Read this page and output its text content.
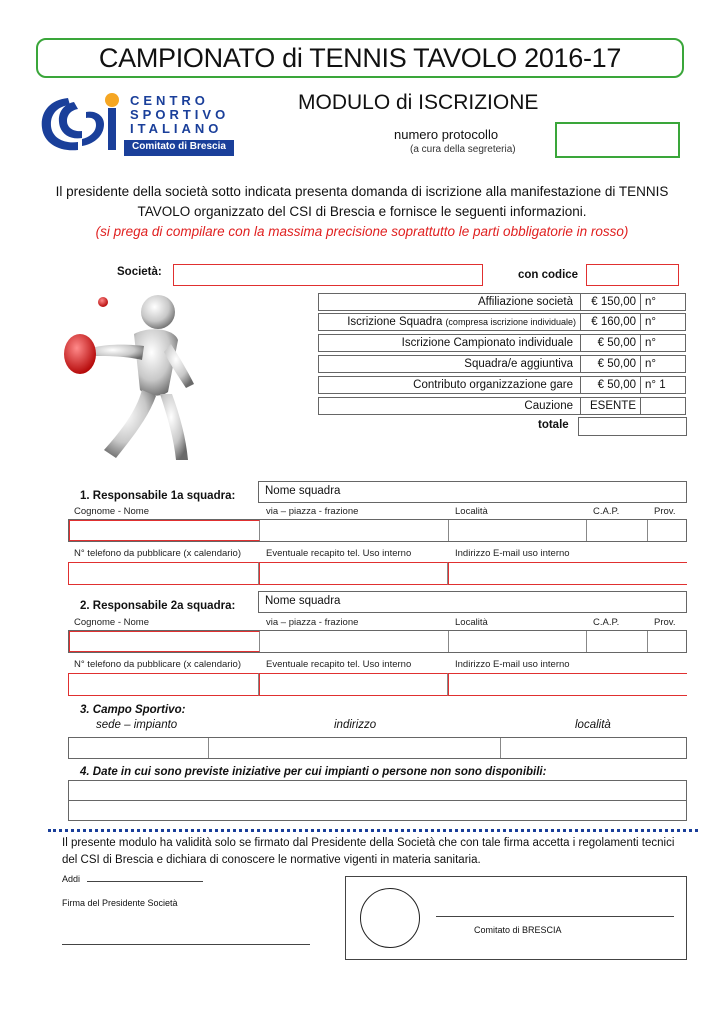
CAMPIONATO di TENNIS TAVOLO 2016-17
CENTRO
SPORTIVO
ITALIANO
Comitato di Brescia
MODULO di ISCRIZIONE
numero protocollo
(a cura della segreteria)
Il presidente della società sotto indicata presenta domanda di iscrizione alla manifestazione di TENNIS TAVOLO organizzato del CSI di Brescia e fornisce le seguenti informazioni.
(si prega di compilare con la massima precisione soprattutto le parti obbligatorie in rosso)
Società:	con codice
Affiliazione società	€ 150,00 n°
Iscrizione Squadra (compresa iscrizione individuale)	€ 160,00 n°
Iscrizione Campionato individuale	€ 50,00 n°
Squadra/e aggiuntiva	€ 50,00 n°
Contributo organizzazione gare	€ 50,00 n° 1
Cauzione	ESENTE
totale
1. Responsabile 1a squadra:	Nome squadra
Cognome - Nome	via – piazza - frazione	Località	C.A.P.	Prov.
N° telefono da pubblicare (x calendario)	Eventuale recapito tel. Uso interno	Indirizzo E-mail uso interno
2. Responsabile 2a squadra:	Nome squadra
Cognome - Nome	via – piazza - frazione	Località	C.A.P.	Prov.
N° telefono da pubblicare (x calendario)	Eventuale recapito tel. Uso interno	Indirizzo E-mail uso interno
3. Campo Sportivo:
sede – impianto	indirizzo	località
4. Date in cui sono previste iniziative per cui impianti o persone non sono disponibili:
Il presente modulo ha validità solo se firmato dal Presidente della Società che con tale firma accetta i regolamenti tecnici del CSI di Brescia e dichiara di conoscere le normative vigenti in materia sanitaria.
Addi
Firma del Presidente Società
Comitato di BRESCIA
